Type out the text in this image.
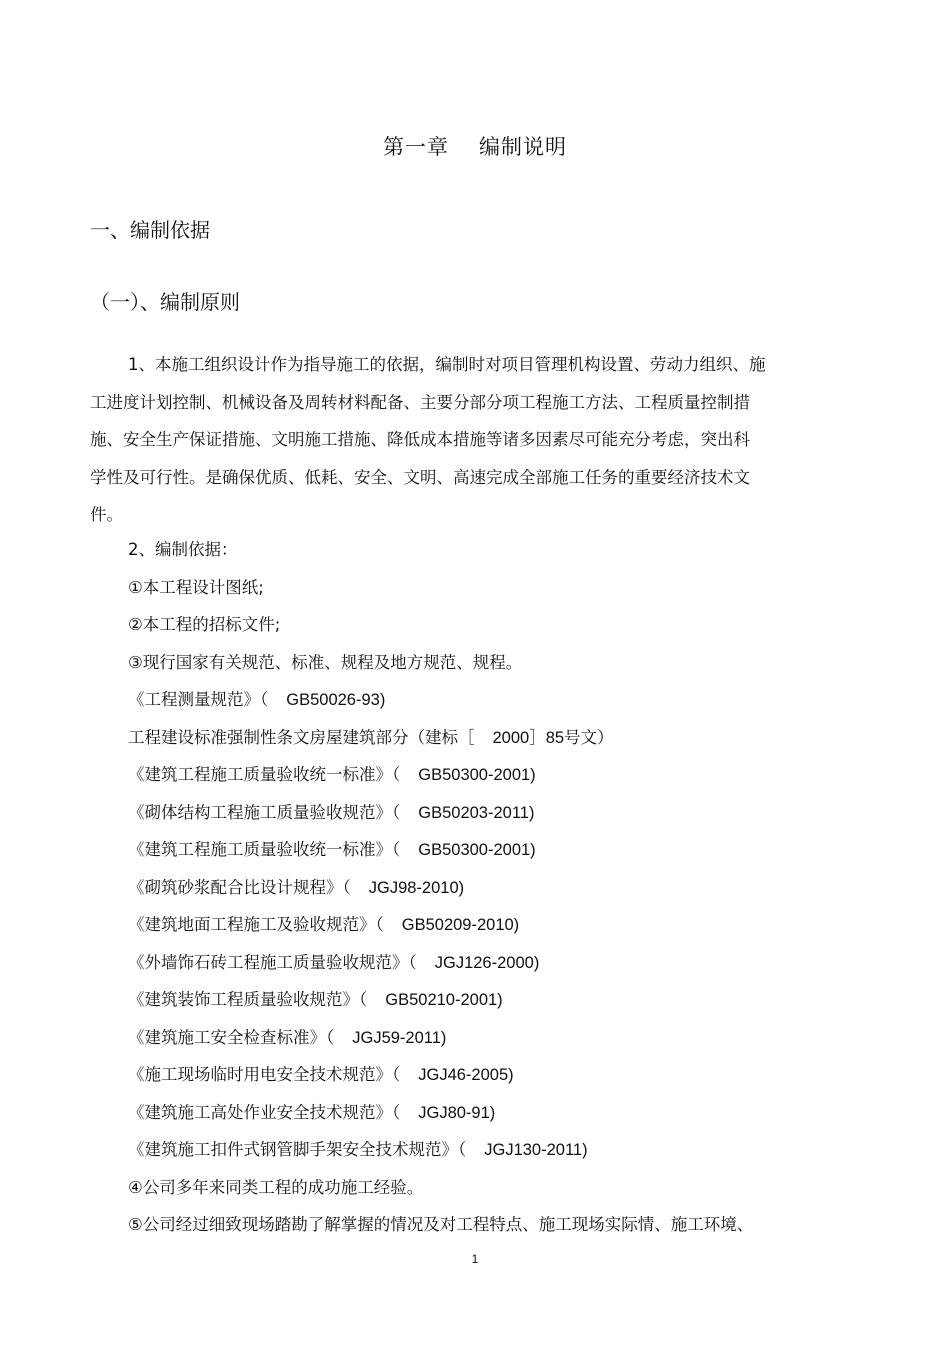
第一章 编制说明
一、编制依据
（一）、编制原则
1、本施工组织设计作为指导施工的依据，编制时对项目管理机构设置、劳动力组织、施
工进度计划控制、机械设备及周转材料配备、主要分部分项工程施工方法、工程质量控制措
施、安全生产保证措施、文明施工措施、降低成本措施等诸多因素尽可能充分考虑，突出科
学性及可行性。是确保优质、低耗、安全、文明、高速完成全部施工任务的重要经济技术文
件。
2、编制依据：
①本工程设计图纸;
②本工程的招标文件;
③现行国家有关规范、标准、规程及地方规范、规程。
《工程测量规范》（ GB50026-93)
工程建设标准强制性条文房屋建筑部分（建标［ 2000］85号文）
《建筑工程施工质量验收统一标准》（ GB50300-2001)
《砌体结构工程施工质量验收规范》（ GB50203-2011)
《建筑工程施工质量验收统一标准》（ GB50300-2001)
《砌筑砂浆配合比设计规程》（ JGJ98-2010)
《建筑地面工程施工及验收规范》（ GB50209-2010)
《外墙饰石砖工程施工质量验收规范》（ JGJ126-2000)
《建筑装饰工程质量验收规范》（ GB50210-2001)
《建筑施工安全检查标准》（ JGJ59-2011)
《施工现场临时用电安全技术规范》（ JGJ46-2005)
《建筑施工高处作业安全技术规范》（ JGJ80-91)
《建筑施工扣件式钢管脚手架安全技术规范》（ JGJ130-2011)
④公司多年来同类工程的成功施工经验。
⑤公司经过细致现场踏勘了解掌握的情况及对工程特点、施工现场实际情、施工环境、
1
